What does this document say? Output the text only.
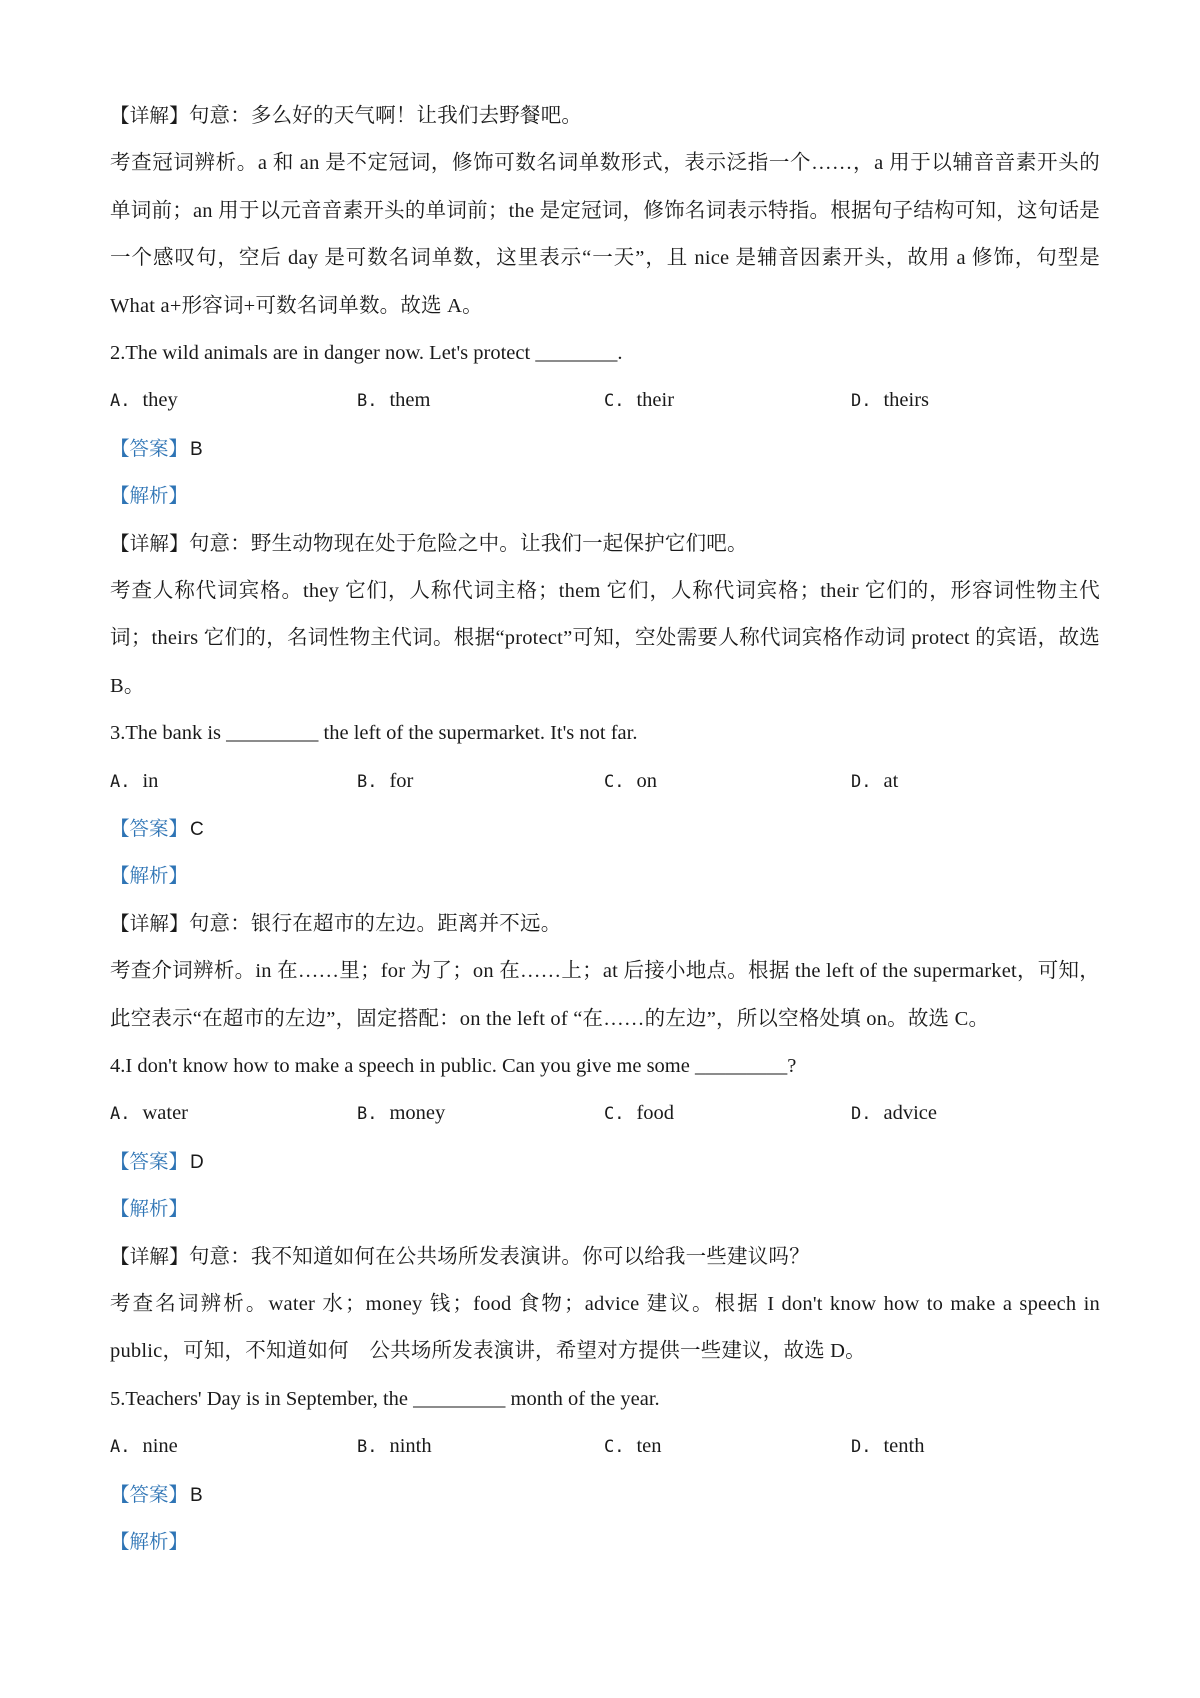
【详解】句意：多么好的天气啊！让我们去野餐吧。
考查冠词辨析。a 和 an 是不定冠词，修饰可数名词单数形式，表示泛指一个……，a 用于以辅音音素开头的单词前；an 用于以元音音素开头的单词前；the 是定冠词，修饰名词表示特指。根据句子结构可知，这句话是一个感叹句，空后 day 是可数名词单数，这里表示“一天”，且 nice 是辅音因素开头，故用 a 修饰，句型是 What a+形容词+可数名词单数。故选 A。
2.The wild animals are in danger now. Let's protect ________.
A. they	B. them	C. their	D. theirs
【答案】 B
【解析】
【详解】句意：野生动物现在处于危险之中。让我们一起保护它们吧。
考查人称代词宾格。they 它们，人称代词主格；them 它们，人称代词宾格；their 它们的，形容词性物主代词；theirs 它们的，名词性物主代词。根据“protect”可知，空处需要人称代词宾格作动词 protect 的宾语，故选 B。
3.The bank is _________ the left of the supermarket. It's not far.
A. in	B. for	C. on	D. at
【答案】 C
【解析】
【详解】句意：银行在超市的左边。距离并不远。
考查介词辨析。in 在……里；for 为了；on 在……上；at 后接小地点。根据 the left of the supermarket，可知，此空表示“在超市的左边”，固定搭配：on the left of “在……的左边”，所以空格处填 on。故选 C。
4.I don't know how to make a speech in public. Can you give me some _________?
A. water	B. money	C. food	D. advice
【答案】 D
【解析】
【详解】句意：我不知道如何在公共场所发表演讲。你可以给我一些建议吗？
考查名词辨析。water 水；money 钱；food 食物；advice 建议。根据 I don't know how to make a speech in public，可知，不知道如何　公共场所发表演讲，希望对方提供一些建议，故选 D。
5.Teachers' Day is in September, the _________ month of the year.
A. nine	B. ninth	C. ten	D. tenth
【答案】 B
【解析】
